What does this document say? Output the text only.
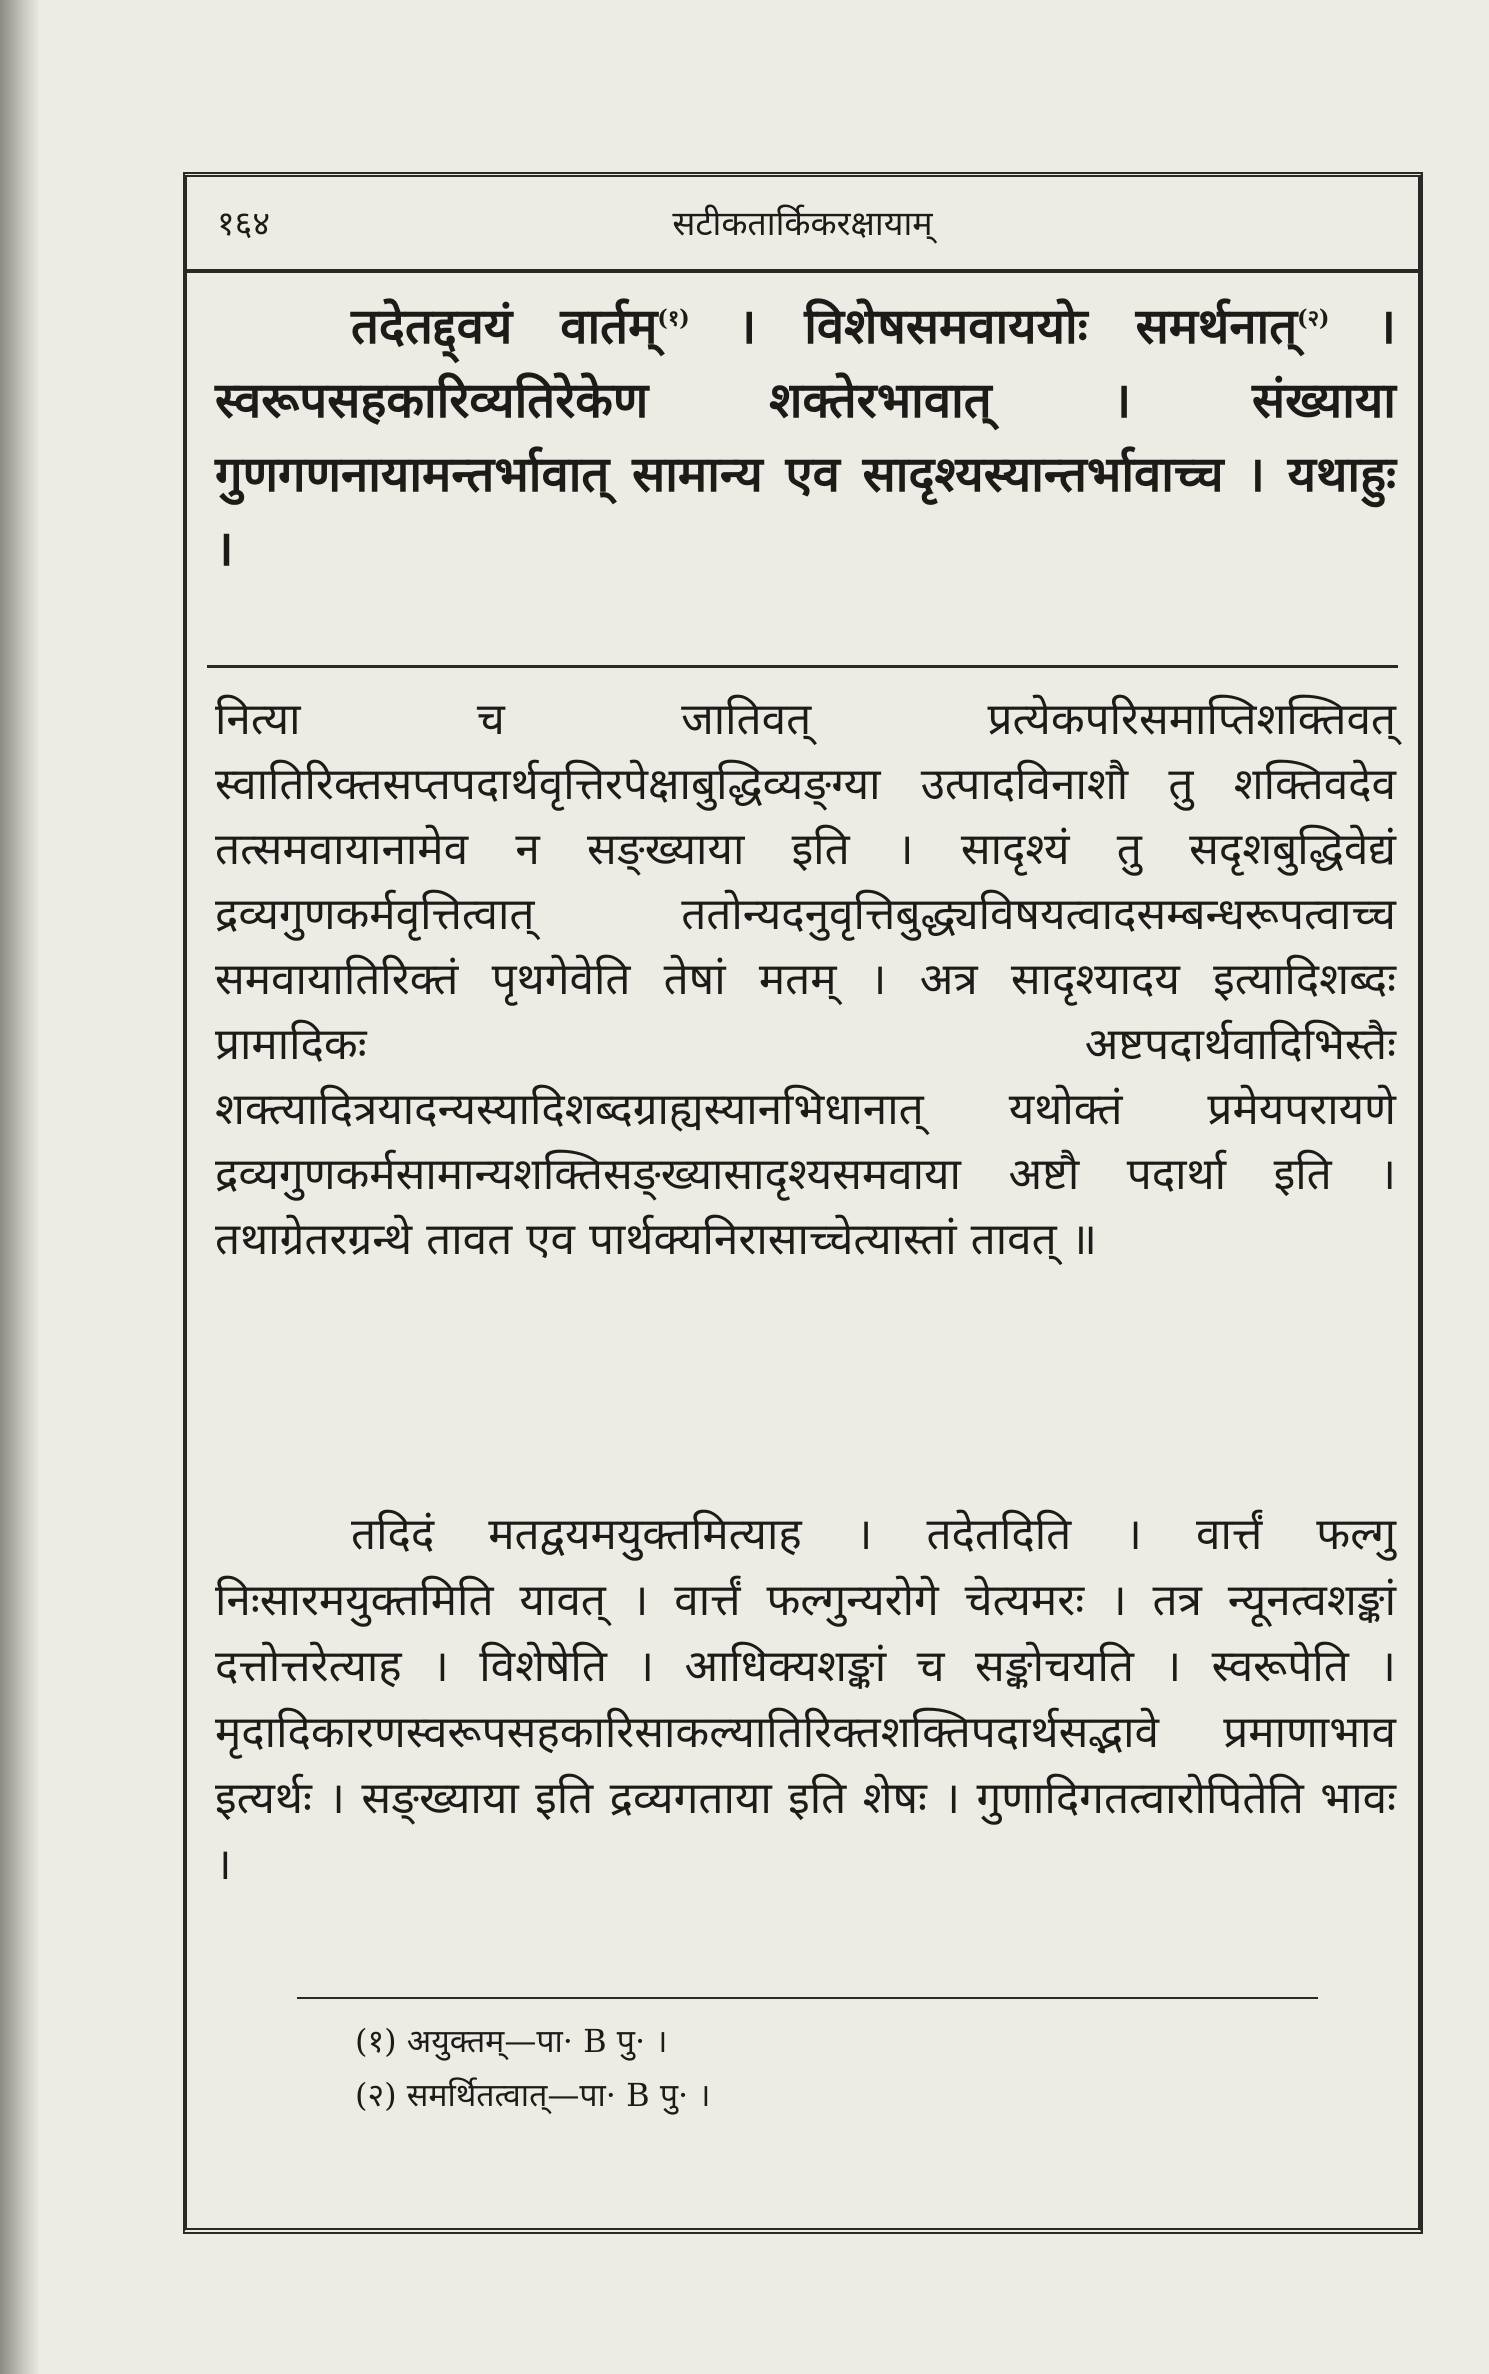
१६४	सटीकतार्किकरक्षायाम्
तदेतद्द्वयं वार्तम्$^{(१)}$ । विशेषसमवाययोः समर्थनात्$^{(२)}$ । स्वरूपसहकारिव्यतिरेकेण शक्तेरभावात् । संख्याया गुणगणनायामन्तर्भावात् सामान्य एव सादृश्यस्यान्तर्भावाच्च । यथाहुः ।
नित्या च जातिवत् प्रत्येकपरिसमाप्तिशक्तिवत् स्वातिरिक्तसप्तपदार्थवृत्तिरपेक्षाबुद्धिव्यङ्ग्या उत्पादविनाशौ तु शक्तिवदेव तत्समवायानामेव न सङ्ख्याया इति । सादृश्यं तु सदृशबुद्धिवेद्यं द्रव्यगुणकर्मवृत्तित्वात् ततोन्यदनुवृत्तिबुद्ध्यविषयत्वादसम्बन्धरूपत्वाच्च समवायातिरिक्तं पृथगेवेति तेषां मतम् । अत्र सादृश्यादय इत्यादिशब्दः प्रामादिकः अष्टपदार्थवादिभिस्तैः शक्त्यादित्रयादन्यस्यादिशब्दग्राह्यस्यानभिधानात् यथोक्तं प्रमेयपरायणे द्रव्यगुणकर्मसामान्यशक्तिसङ्ख्यासादृश्यसमवाया अष्टौ पदार्था इति । तथाग्रेतरग्रन्थे तावत एव पार्थक्यनिरासाच्चेत्यास्तां तावत् ॥
तदिदं मतद्वयमयुक्तमित्याह । तदेतदिति । वार्त्तं फल्गु निःसारमयुक्तमिति यावत् । वार्त्तं फल्गुन्यरोगे चेत्यमरः । तत्र न्यूनत्वशङ्कां दत्तोत्तरेत्याह । विशेषेति । आधिक्यशङ्कां च सङ्कोचयति । स्वरूपेति । मृदादिकारणस्वरूपसहकारिसाकल्यातिरिक्तशक्तिपदार्थसद्भावे प्रमाणाभाव इत्यर्थः । सङ्ख्याया इति द्रव्यगताया इति शेषः । गुणादिगतत्वारोपितेति भावः ।
(१) अयुक्तम्—पा· B पु· ।
(२) समर्थितत्वात्—पा· B पु· ।
